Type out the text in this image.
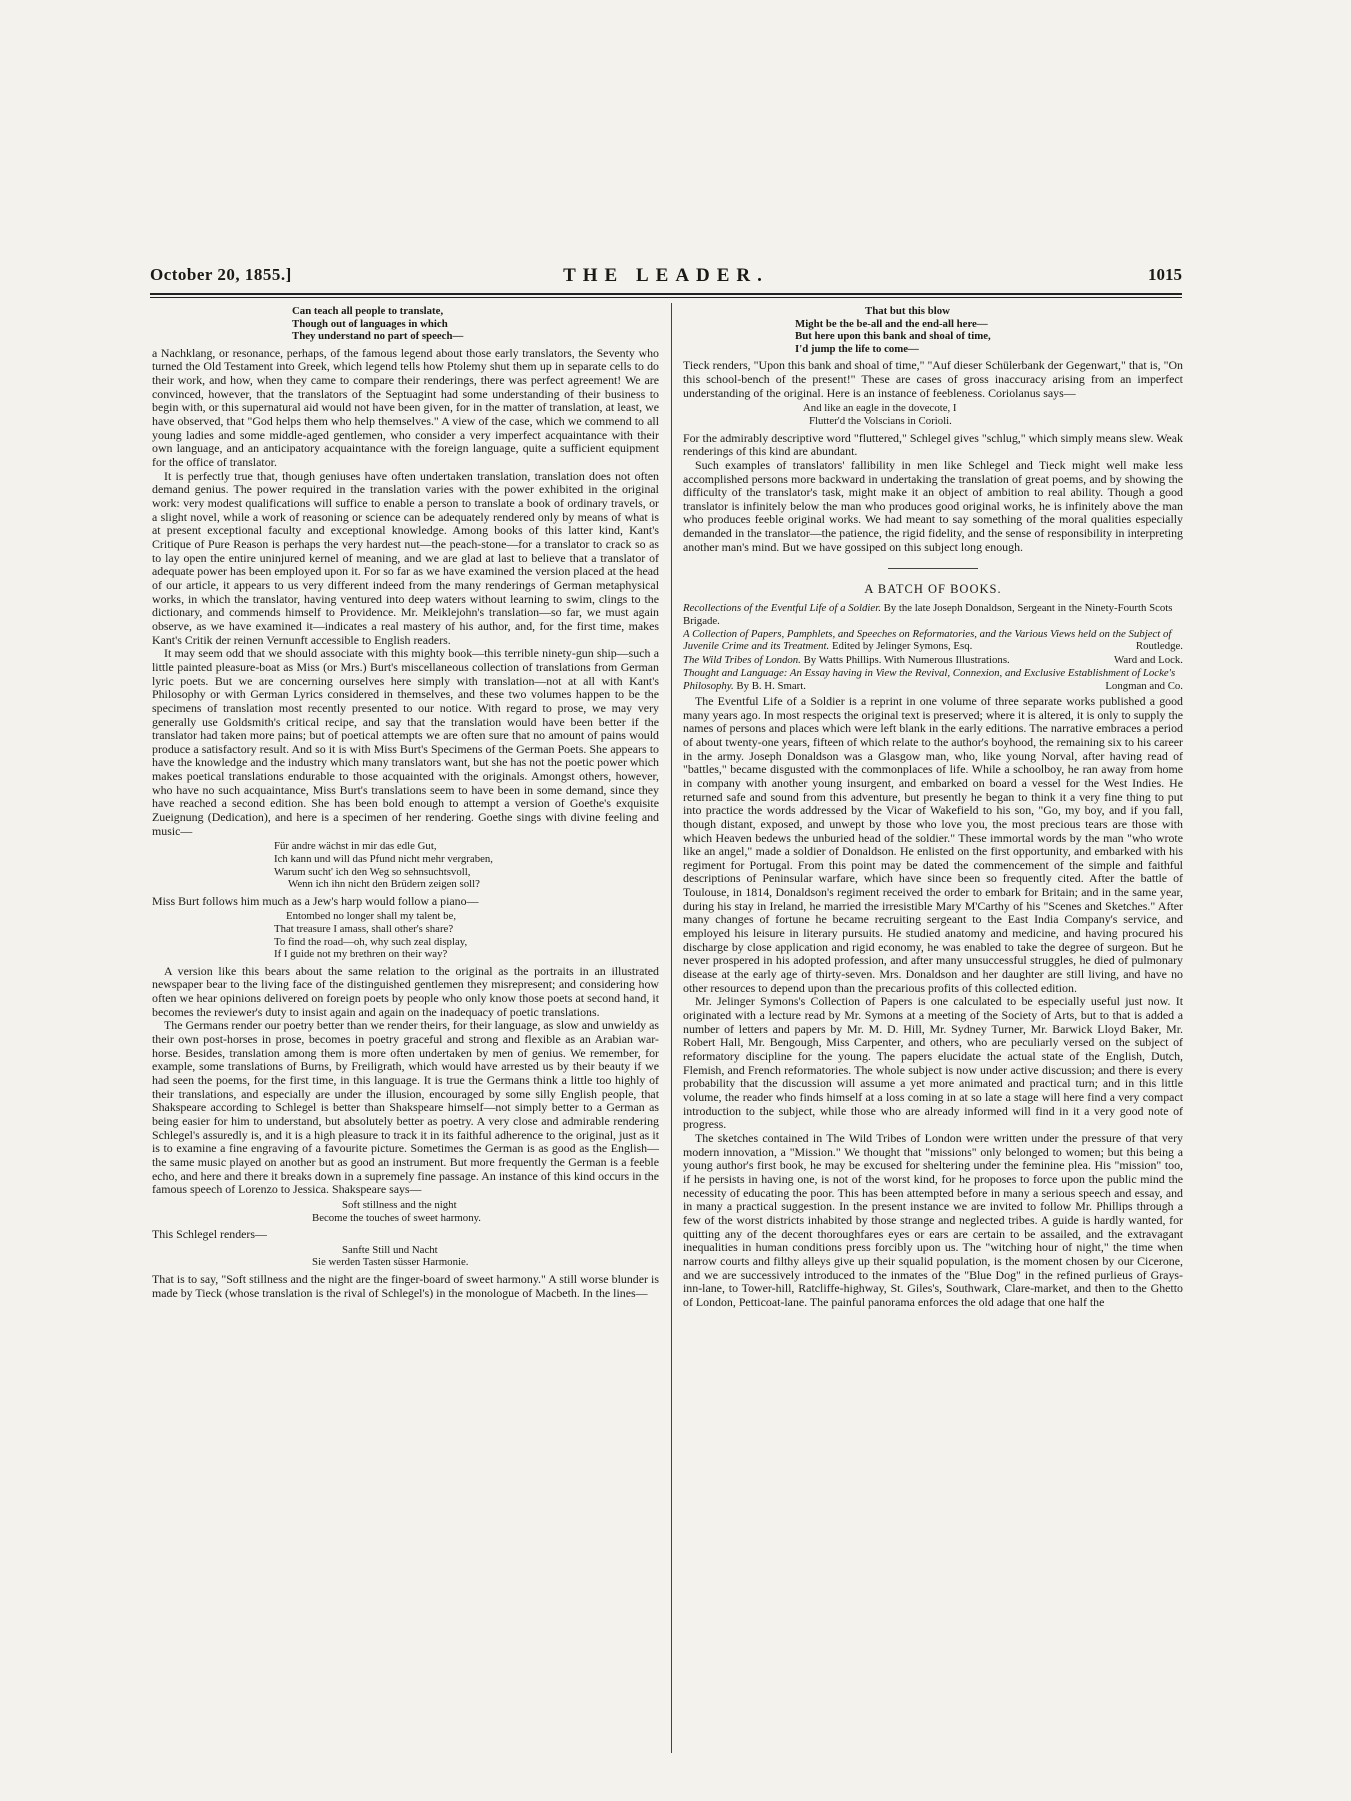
October 20, 1855.]	THE LEADER.	1015
Can teach all people to translate,
Though out of languages in which
They understand no part of speech—

a Nachklang, or resonance, perhaps, of the famous legend about those early translators, the Seventy who turned the Old Testament into Greek, which legend tells how Ptolemy shut them up in separate cells to do their work, and how, when they came to compare their renderings, there was perfect agreement! We are convinced, however, that the translators of the Septuagint had some understanding of their business to begin with, or this supernatural aid would not have been given, for in the matter of translation, at least, we have observed, that "God helps them who help themselves." A view of the case, which we commend to all young ladies and some middle-aged gentlemen, who consider a very imperfect acquaintance with their own language, and an anticipatory acquaintance with the foreign language, quite a sufficient equipment for the office of translator.

It is perfectly true that, though geniuses have often undertaken translation, translation does not often demand genius. The power required in the translation varies with the power exhibited in the original work: very modest qualifications will suffice to enable a person to translate a book of ordinary travels, or a slight novel, while a work of reasoning or science can be adequately rendered only by means of what is at present exceptional faculty and exceptional knowledge. Among books of this latter kind, Kant's Critique of Pure Reason is perhaps the very hardest nut—the peach-stone—for a translator to crack so as to lay open the entire uninjured kernel of meaning, and we are glad at last to believe that a translator of adequate power has been employed upon it. For so far as we have examined the version placed at the head of our article, it appears to us very different indeed from the many renderings of German metaphysical works, in which the translator, having ventured into deep waters without learning to swim, clings to the dictionary, and commends himself to Providence. Mr. Meiklejohn's translation—so far, we must again observe, as we have examined it—indicates a real mastery of his author, and, for the first time, makes Kant's Critik der reinen Vernunft accessible to English readers.

It may seem odd that we should associate with this mighty book—this terrible ninety-gun ship—such a little painted pleasure-boat as Miss (or Mrs.) Burt's miscellaneous collection of translations from German lyric poets. But we are concerning ourselves here simply with translation—not at all with Kant's Philosophy or with German Lyrics considered in themselves, and these two volumes happen to be the specimens of translation most recently presented to our notice. With regard to prose, we may very generally use Goldsmith's critical recipe, and say that the translation would have been better if the translator had taken more pains; but of poetical attempts we are often sure that no amount of pains would produce a satisfactory result. And so it is with Miss Burt's Specimens of the German Poets. She appears to have the knowledge and the industry which many translators want, but she has not the poetic power which makes poetical translations endurable to those acquainted with the originals. Amongst others, however, who have no such acquaintance, Miss Burt's translations seem to have been in some demand, since they have reached a second edition. She has been bold enough to attempt a version of Goethe's exquisite Zueignung (Dedication), and here is a specimen of her rendering. Goethe sings with divine feeling and music—

Für andre wächst in mir das edle Gut,
Ich kann und will das Pfund nicht mehr vergraben,
Warum sucht' ich den Weg so sehnsuchtsvoll,
Wenn ich ihn nicht den Brüdern zeigen soll?

Miss Burt follows him much as a Jew's harp would follow a piano—

Entombed no longer shall my talent be,
That treasure I amass, shall other's share?
To find the road—oh, why such zeal display,
If I guide not my brethren on their way?

A version like this bears about the same relation to the original as the portraits in an illustrated newspaper bear to the living face of the distinguished gentlemen they misrepresent; and considering how often we hear opinions delivered on foreign poets by people who only know those poets at second hand, it becomes the reviewer's duty to insist again and again on the inadequacy of poetic translations.

The Germans render our poetry better than we render theirs, for their language, as slow and unwieldy as their own post-horses in prose, becomes in poetry graceful and strong and flexible as an Arabian war-horse. Besides, translation among them is more often undertaken by men of genius. We remember, for example, some translations of Burns, by Freiligrath, which would have arrested us by their beauty if we had seen the poems, for the first time, in this language. It is true the Germans think a little too highly of their translations, and especially are under the illusion, encouraged by some silly English people, that Shakspeare according to Schlegel is better than Shakspeare himself—not simply better to a German as being easier for him to understand, but absolutely better as poetry. A very close and admirable rendering Schlegel's assuredly is, and it is a high pleasure to track it in its faithful adherence to the original, just as it is to examine a fine engraving of a favourite picture. Sometimes the German is as good as the English—the same music played on another but as good an instrument. But more frequently the German is a feeble echo, and here and there it breaks down in a supremely fine passage. An instance of this kind occurs in the famous speech of Lorenzo to Jessica. Shakspeare says—

Soft stillness and the night
Become the touches of sweet harmony.

This Schlegel renders—

Sanfte Still und Nacht
Sie werden Tasten süsser Harmonie.

That is to say, "Soft stillness and the night are the finger-board of sweet harmony." A still worse blunder is made by Tieck (whose translation is the rival of Schlegel's) in the monologue of Macbeth. In the lines—

That but this blow
Might be the be-all and the end-all here—
But here upon this bank and shoal of time,
I'd jump the life to come—

Tieck renders, "Upon this bank and shoal of time," "Auf dieser Schülerbank der Gegenwart," that is, "On this school-bench of the present!" These are cases of gross inaccuracy arising from an imperfect understanding of the original. Here is an instance of feebleness. Coriolanus says—

And like an eagle in the dovecote, I
Flutter'd the Volscians in Corioli.

For the admirably descriptive word "fluttered," Schlegel gives "schlug," which simply means slew. Weak renderings of this kind are abundant.

Such examples of translators' fallibility in men like Schlegel and Tieck might well make less accomplished persons more backward in undertaking the translation of great poems, and by showing the difficulty of the translator's task, might make it an object of ambition to real ability. Though a good translator is infinitely below the man who produces good original works, he is infinitely above the man who produces feeble original works. We had meant to say something of the moral qualities especially demanded in the translator—the patience, the rigid fidelity, and the sense of responsibility in interpreting another man's mind. But we have gossiped on this subject long enough.

A BATCH OF BOOKS.
Recollections of the Eventful Life of a Soldier. By the late Joseph Donaldson, Sergeant in the Ninety-Fourth Scots Brigade.
A Collection of Papers, Pamphlets, and Speeches on Reformatories, and the Various Views held on the Subject of Juvenile Crime and its Treatment. Edited by Jelinger Symons, Esq.	Routledge.
The Wild Tribes of London. By Watts Phillips. With Numerous Illustrations.	Ward and Lock.
Thought and Language: An Essay having in View the Revival, Connexion, and Exclusive Establishment of Locke's Philosophy. By B. H. Smart.	Longman and Co.

The Eventful Life of a Soldier is a reprint in one volume of three separate works published a good many years ago. In most respects the original text is preserved; where it is altered, it is only to supply the names of persons and places which were left blank in the early editions. The narrative embraces a period of about twenty-one years, fifteen of which relate to the author's boyhood, the remaining six to his career in the army. Joseph Donaldson was a Glasgow man, who, like young Norval, after having read of "battles," became disgusted with the commonplaces of life. While a schoolboy, he ran away from home in company with another young insurgent, and embarked on board a vessel for the West Indies. He returned safe and sound from this adventure, but presently he began to think it a very fine thing to put into practice the words addressed by the Vicar of Wakefield to his son, "Go, my boy, and if you fall, though distant, exposed, and unwept by those who love you, the most precious tears are those with which Heaven bedews the unburied head of the soldier." These immortal words by the man "who wrote like an angel," made a soldier of Donaldson. He enlisted on the first opportunity, and embarked with his regiment for Portugal. From this point may be dated the commencement of the simple and faithful descriptions of Peninsular warfare, which have since been so frequently cited. After the battle of Toulouse, in 1814, Donaldson's regiment received the order to embark for Britain; and in the same year, during his stay in Ireland, he married the irresistible Mary M'Carthy of his "Scenes and Sketches." After many changes of fortune he became recruiting sergeant to the East India Company's service, and employed his leisure in literary pursuits. He studied anatomy and medicine, and having procured his discharge by close application and rigid economy, he was enabled to take the degree of surgeon. But he never prospered in his adopted profession, and after many unsuccessful struggles, he died of pulmonary disease at the early age of thirty-seven. Mrs. Donaldson and her daughter are still living, and have no other resources to depend upon than the precarious profits of this collected edition.

Mr. Jelinger Symons's Collection of Papers is one calculated to be especially useful just now. It originated with a lecture read by Mr. Symons at a meeting of the Society of Arts, but to that is added a number of letters and papers by Mr. M. D. Hill, Mr. Sydney Turner, Mr. Barwick Lloyd Baker, Mr. Robert Hall, Mr. Bengough, Miss Carpenter, and others, who are peculiarly versed on the subject of reformatory discipline for the young. The papers elucidate the actual state of the English, Dutch, Flemish, and French reformatories. The whole subject is now under active discussion; and there is every probability that the discussion will assume a yet more animated and practical turn; and in this little volume, the reader who finds himself at a loss coming in at so late a stage will here find a very compact introduction to the subject, while those who are already informed will find in it a very good note of progress.

The sketches contained in The Wild Tribes of London were written under the pressure of that very modern innovation, a "Mission." We thought that "missions" only belonged to women; but this being a young author's first book, he may be excused for sheltering under the feminine plea. His "mission" too, if he persists in having one, is not of the worst kind, for he proposes to force upon the public mind the necessity of educating the poor. This has been attempted before in many a serious speech and essay, and in many a practical suggestion. In the present instance we are invited to follow Mr. Phillips through a few of the worst districts inhabited by those strange and neglected tribes. A guide is hardly wanted, for quitting any of the decent thoroughfares eyes or ears are certain to be assailed, and the extravagant inequalities in human conditions press forcibly upon us. The "witching hour of night," the time when narrow courts and filthy alleys give up their squalid population, is the moment chosen by our Cicerone, and we are successively introduced to the inmates of the "Blue Dog" in the refined purlieus of Grays-inn-lane, to Tower-hill, Ratcliffe-highway, St. Giles's, Southwark, Clare-market, and then to the Ghetto of London, Petticoat-lane. The painful panorama enforces the old adage that one half the
